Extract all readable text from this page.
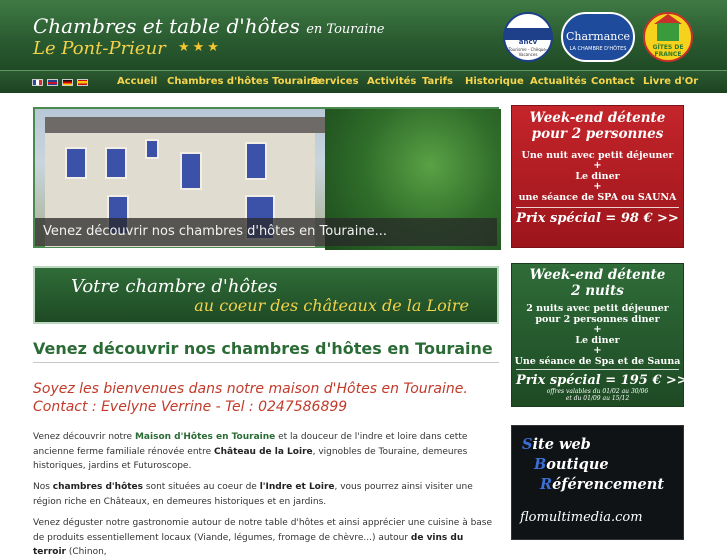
Chambres et table d'hôtes en Touraine
Le Pont-Prieur ★★★	ancv
Tourisme - Chèque-Vacances
Charmance
LA CHAMBRE D'HÔTES	GÎTES DE FRANCE
Accueil Chambres d'hôtes Touraine
Services Activités Tarifs Historique Actualités Contact Livre d'Or
Venez découvrir nos chambres d'hôtes en Touraine...
Votre chambre d'hôtes
au coeur des châteaux de la Loire
Venez découvrir nos chambres d'hôtes en Touraine
Soyez les bienvenues dans notre maison d'Hôtes en Touraine.
Contact : Evelyne Verrine - Tel : 0247586899

Venez découvrir notre Maison d'Hôtes en Touraine et la douceur de l'indre et loire dans cette ancienne ferme familiale rénovée entre Château de la Loire, vignobles de Touraine, demeures historiques, jardins et Futuroscope.

Nos chambres d'hôtes sont situées au coeur de l'Indre et Loire, vous pourrez ainsi visiter une région riche en Châteaux, en demeures historiques et en jardins.

Venez déguster notre gastronomie autour de notre table d'hôtes et ainsi apprécier une cuisine à base de produits essentiellement locaux (Viande, légumes, fromage de chèvre...) autour de vins du terroir (Chinon,

Week-end détente
pour 2 personnes
Une nuit avec petit déjeuner
+
Le diner
+
une séance de SPA ou SAUNA
Prix spécial = 98 € >>
Week-end détente
2 nuits
2 nuits avec petit déjeuner
pour 2 personnes diner
+
Le diner
+
Une séance de Spa et de Sauna
Prix spécial = 195 € >>
offres valables du 01/02 au 30/06
et du 01/09 au 15/12
Site web
Boutique
Référencement
flomultimedia.com
